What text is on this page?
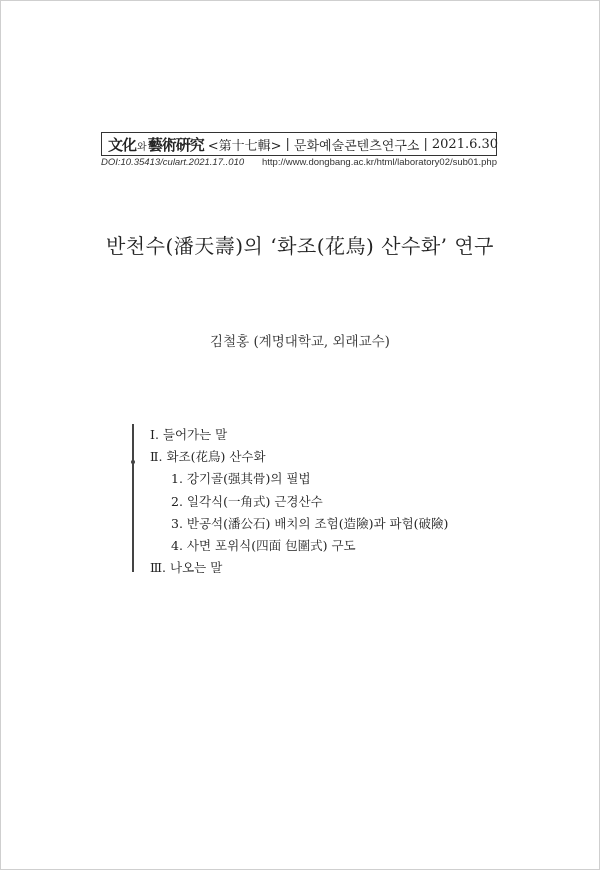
文化 와 藝術硏究 <第十七輯> | 문화예술콘텐츠연구소 | 2021.6.30
DOI:10.35413/culart.2021.17..010 http://www.dongbang.ac.kr/html/laboratory02/sub01.php
반천수(潘天壽)의 ‘화조(花鳥) 산수화’ 연구
김철홍 (계명대학교, 외래교수)
Ⅰ. 들어가는 말
Ⅱ. 화조(花鳥) 산수화
1. 강기골(强其骨)의 필법
2. 일각식(一角式) 근경산수
3. 반공석(潘公石) 배치의 조험(造險)과 파험(破險)
4. 사면 포위식(四面 包圍式) 구도
Ⅲ. 나오는 말
